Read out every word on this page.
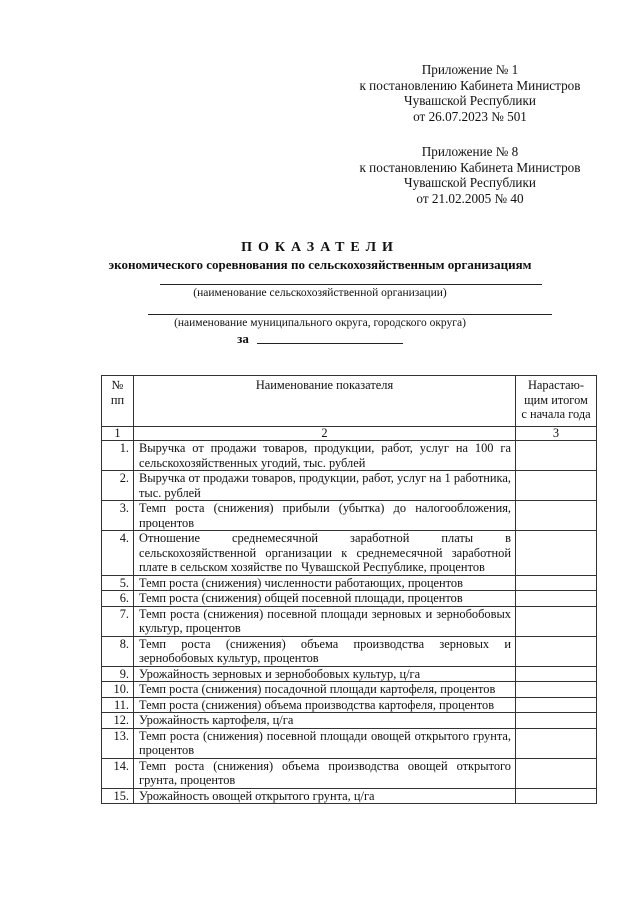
Приложение № 1
к постановлению Кабинета Министров
Чувашской Республики
от 26.07.2023 № 501
Приложение № 8
к постановлению Кабинета Министров
Чувашской Республики
от 21.02.2005 № 40
ПОКАЗАТЕЛИ
экономического соревнования по сельскохозяйственным организациям
(наименование сельскохозяйственной организации)
(наименование муниципального округа, городского округа)
за
№ пп	Наименование показателя	Нарастаю-щим итогом с начала года
1	2	3
1.	Выручка от продажи товаров, продукции, работ, услуг на 100 га сельскохозяйственных угодий, тыс. рублей	
2.	Выручка от продажи товаров, продукции, работ, услуг на 1 работника, тыс. рублей	
3.	Темп роста (снижения) прибыли (убытка) до налогообложения, процентов	
4.	Отношение среднемесячной заработной платы в сельскохозяйственной организации к среднемесячной заработной плате в сельском хозяйстве по Чувашской Республике, процентов	
5.	Темп роста (снижения) численности работающих, процентов	
6.	Темп роста (снижения) общей посевной площади, процентов	
7.	Темп роста (снижения) посевной площади зерновых и зернобобовых культур, процентов	
8.	Темп роста (снижения) объема производства зерновых и зернобобовых культур, процентов	
9.	Урожайность зерновых и зернобобовых культур, ц/га	
10.	Темп роста (снижения) посадочной площади картофеля, процентов	
11.	Темп роста (снижения) объема производства картофеля, процентов	
12.	Урожайность картофеля, ц/га	
13.	Темп роста (снижения) посевной площади овощей открытого грунта, процентов	
14.	Темп роста (снижения) объема производства овощей открытого грунта, процентов	
15.	Урожайность овощей открытого грунта, ц/га	
